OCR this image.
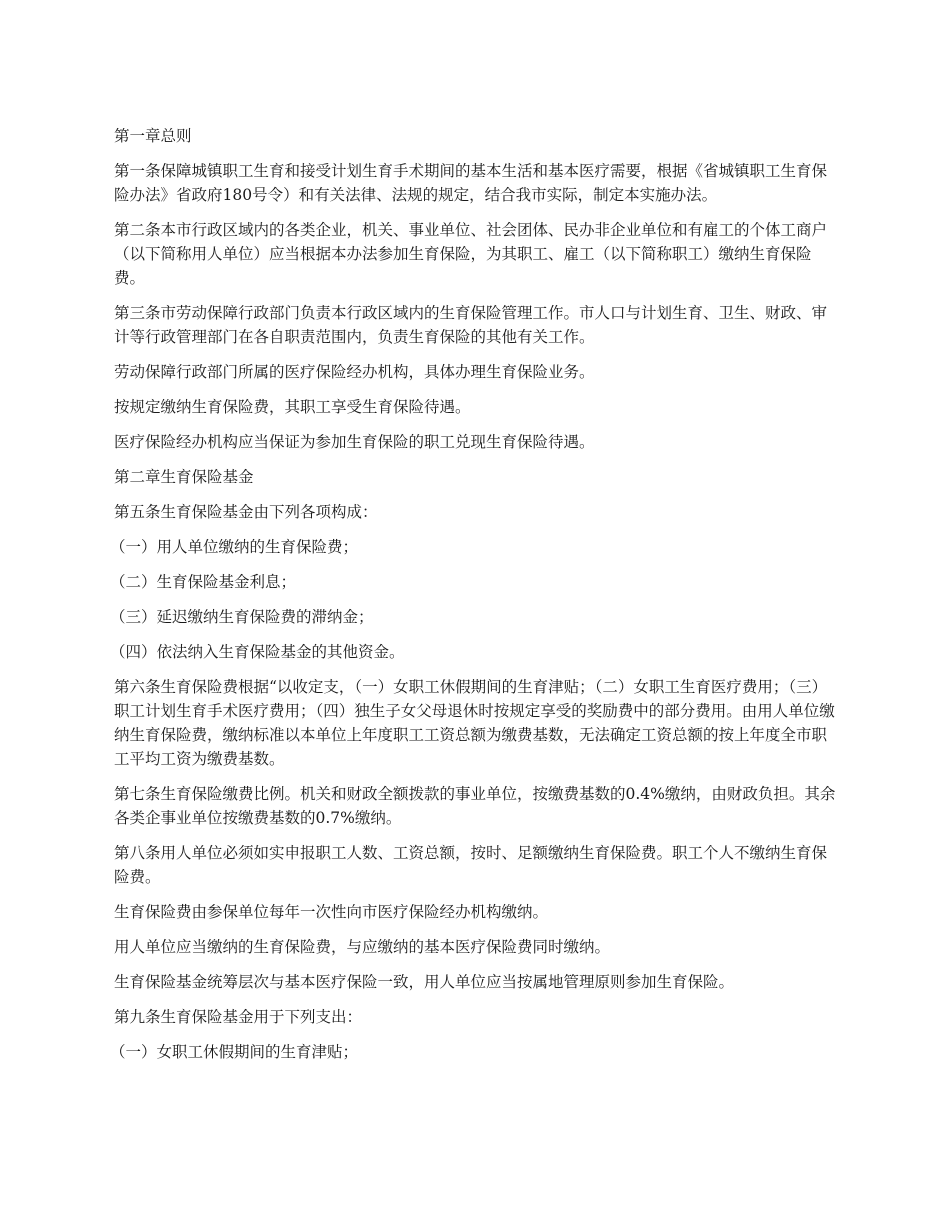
第一章总则

第一条保障城镇职工生育和接受计划生育手术期间的基本生活和基本医疗需要，根据《省城镇职工生育保险办法》省政府180号令）和有关法律、法规的规定，结合我市实际，制定本实施办法。

第二条本市行政区域内的各类企业，机关、事业单位、社会团体、民办非企业单位和有雇工的个体工商户（以下简称用人单位）应当根据本办法参加生育保险，为其职工、雇工（以下简称职工）缴纳生育保险费。

第三条市劳动保障行政部门负责本行政区域内的生育保险管理工作。市人口与计划生育、卫生、财政、审计等行政管理部门在各自职责范围内，负责生育保险的其他有关工作。

劳动保障行政部门所属的医疗保险经办机构，具体办理生育保险业务。

按规定缴纳生育保险费，其职工享受生育保险待遇。

医疗保险经办机构应当保证为参加生育保险的职工兑现生育保险待遇。

第二章生育保险基金

第五条生育保险基金由下列各项构成：

（一）用人单位缴纳的生育保险费；

（二）生育保险基金利息；

（三）延迟缴纳生育保险费的滞纳金；

（四）依法纳入生育保险基金的其他资金。

第六条生育保险费根据“以收定支，（一）女职工休假期间的生育津贴；（二）女职工生育医疗费用；（三）职工计划生育手术医疗费用；（四）独生子女父母退休时按规定享受的奖励费中的部分费用。由用人单位缴纳生育保险费，缴纳标准以本单位上年度职工工资总额为缴费基数，无法确定工资总额的按上年度全市职工平均工资为缴费基数。

第七条生育保险缴费比例。机关和财政全额拨款的事业单位，按缴费基数的0.4%缴纳，由财政负担。其余各类企事业单位按缴费基数的0.7%缴纳。

第八条用人单位必须如实申报职工人数、工资总额，按时、足额缴纳生育保险费。职工个人不缴纳生育保险费。

生育保险费由参保单位每年一次性向市医疗保险经办机构缴纳。

用人单位应当缴纳的生育保险费，与应缴纳的基本医疗保险费同时缴纳。

生育保险基金统筹层次与基本医疗保险一致，用人单位应当按属地管理原则参加生育保险。

第九条生育保险基金用于下列支出：

（一）女职工休假期间的生育津贴；
